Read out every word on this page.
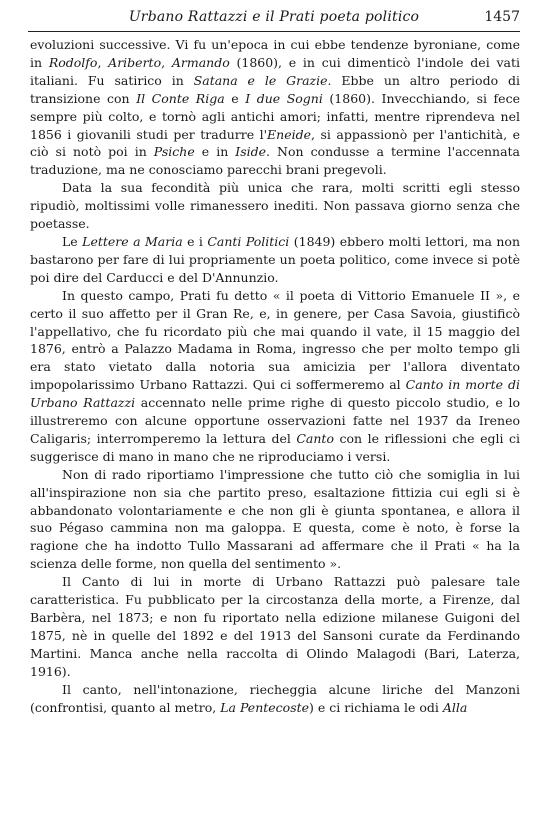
Urbano Rattazzi e il Prati poeta politico	1457

evoluzioni successive. Vi fu un'epoca in cui ebbe tendenze byroniane, come in Rodolfo, Ariberto, Armando (1860), e in cui dimenticò l'indole dei vati italiani. Fu satirico in Satana e le Grazie. Ebbe un altro periodo di transizione con Il Conte Riga e I due Sogni (1860). Invecchiando, si fece sempre più colto, e tornò agli antichi amori; infatti, mentre riprendeva nel 1856 i giovanili studi per tradurre l'Eneide, si appassionò per l'antichità, e ciò si notò poi in Psiche e in Iside. Non condusse a termine l'accennata traduzione, ma ne conosciamo parecchi brani pregevoli.

Data la sua fecondità più unica che rara, molti scritti egli stesso ripudiò, moltissimi volle rimanessero inediti. Non passava giorno senza che poetasse.

Le Lettere a Maria e i Canti Politici (1849) ebbero molti lettori, ma non bastarono per fare di lui propriamente un poeta politico, come invece si potè poi dire del Carducci e del D'Annunzio.

In questo campo, Prati fu detto « il poeta di Vittorio Emanuele II », e certo il suo affetto per il Gran Re, e, in genere, per Casa Savoia, giustificò l'appellativo, che fu ricordato più che mai quando il vate, il 15 maggio del 1876, entrò a Palazzo Madama in Roma, ingresso che per molto tempo gli era stato vietato dalla notoria sua amicizia per l'allora diventato impopolarissimo Urbano Rattazzi. Qui ci soffermeremo al Canto in morte di Urbano Rattazzi accennato nelle prime righe di questo piccolo studio, e lo illustreremo con alcune opportune osservazioni fatte nel 1937 da Ireneo Caligaris; interromperemo la lettura del Canto con le riflessioni che egli ci suggerisce di mano in mano che ne riproduciamo i versi.

Non di rado riportiamo l'impressione che tutto ciò che somiglia in lui all'inspirazione non sia che partito preso, esaltazione fittizia cui egli si è abbandonato volontariamente e che non gli è giunta spontanea, e allora il suo Pégaso cammina non ma galoppa. E questa, come è noto, è forse la ragione che ha indotto Tullo Massarani ad affermare che il Prati « ha la scienza delle forme, non quella del sentimento ».

Il Canto di lui in morte di Urbano Rattazzi può palesare tale caratteristica. Fu pubblicato per la circostanza della morte, a Firenze, dal Barbèra, nel 1873; e non fu riportato nella edizione milanese Guigoni del 1875, nè in quelle del 1892 e del 1913 del Sansoni curate da Ferdinando Martini. Manca anche nella raccolta di Olindo Malagodi (Bari, Laterza, 1916).

Il canto, nell'intonazione, riecheggia alcune liriche del Manzoni (confrontisi, quanto al metro, La Pentecoste) e ci richiama le odi Alla
